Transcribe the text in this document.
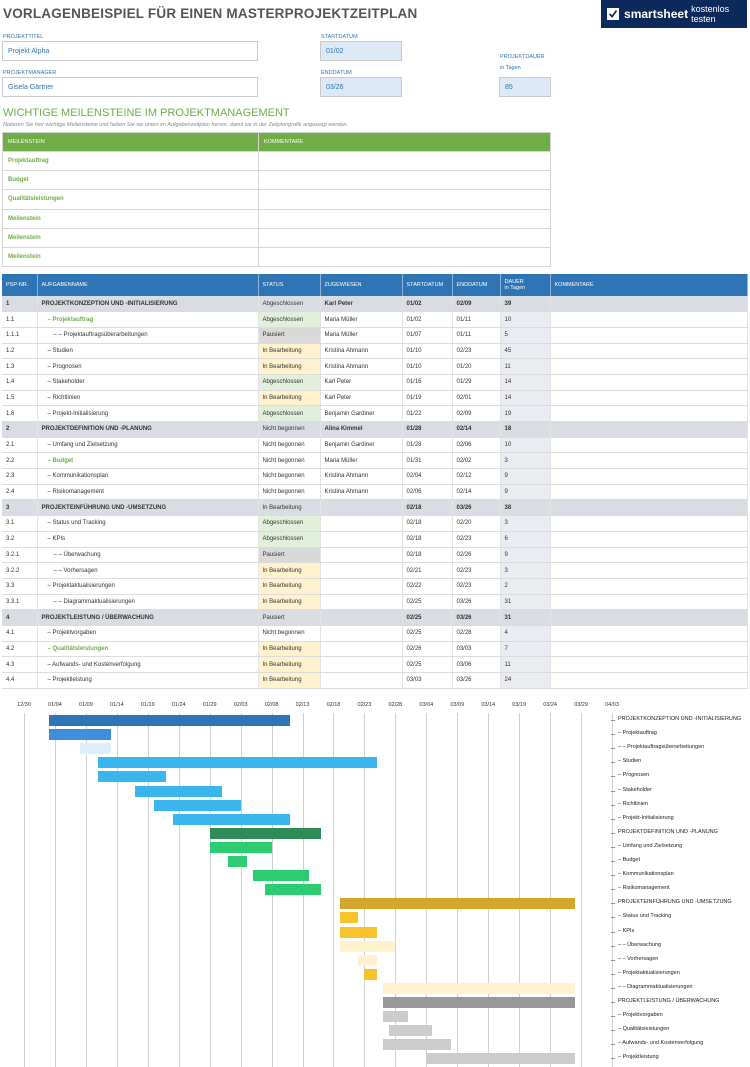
VORLAGENBEISPIEL FÜR EINEN MASTERPROJEKTZEITPLAN	smartsheet kostenlos testen
PROJEKTTITEL
Projekt Alpha
PROJEKTMANAGER
Gisela Gärtner
STARTDATUM
01/02
ENDDATUM
03/26
PROJEKTDAUER
in Tagen
85
WICHTIGE MEILENSTEINE IM PROJEKTMANAGEMENT
Notieren Sie hier wichtige Meilensteine und heben Sie sie unten im Aufgabenzeitplan hervor, damit sie in der Zeitplangrafik angezeigt werden.
MEILENSTEIN	KOMMENTARE
Projektauftrag	
Budget	
Qualitätsleistungen	
Meilenstein	
Meilenstein	
Meilenstein	
PSP-NR.	AUFGABENNAME	STATUS	ZUGEWIESEN	STARTDATUM	ENDDATUM	DAUER
in Tagen	KOMMENTARE
1	PROJEKTKONZEPTION UND -INITIALISIERUNG	Abgeschlossen	Karl Peter	01/02	02/09	39	
1.1	– Projektauftrag	Abgeschlossen	Maria Müller	01/02	01/11	10	
1.1.1	– – Projektauftragsüberarbeitungen	Pausiert	Maria Müller	01/07	01/11	5	
1.2	– Studien	In Bearbeitung	Kristina Ahmann	01/10	02/23	45	
1.3	– Prognosen	In Bearbeitung	Kristina Ahmann	01/10	01/20	11	
1.4	– Stakeholder	Abgeschlossen	Karl Peter	01/16	01/29	14	
1.5	– Richtlinien	In Bearbeitung	Karl Peter	01/19	02/01	14	
1.6	– Projekt-Initialisierung	Abgeschlossen	Benjamin Gardiner	01/22	02/09	19	
2	PROJEKTDEFINITION UND -PLANUNG	Nicht begonnen	Alina Kimmel	01/28	02/14	18	
2.1	– Umfang und Zielsetzung	Nicht begonnen	Benjamin Gardiner	01/28	02/06	10	
2.2	– Budget	Nicht begonnen	Maria Müller	01/31	02/02	3	
2.3	– Kommunikationsplan	Nicht begonnen	Kristina Ahmann	02/04	02/12	9	
2.4	– Risikomanagement	Nicht begonnen	Kristina Ahmann	02/06	02/14	9	
3	PROJEKTEINFÜHRUNG UND -UMSETZUNG	In Bearbeitung		02/18	03/26	38	
3.1	– Status und Tracking	Abgeschlossen		02/18	02/20	3	
3.2	– KPIs	Abgeschlossen		02/18	02/23	6	
3.2.1	– – Überwachung	Pausiert		02/18	02/26	9	
3.2.2	– – Vorhersagen	In Bearbeitung		02/21	02/23	3	
3.3	– Projektaktualisierungen	In Bearbeitung		02/22	02/23	2	
3.3.1	– – Diagrammaktualisierungen	In Bearbeitung		02/25	03/26	31	
4	PROJEKTLEISTUNG / ÜBERWACHUNG	Pausiert		02/25	03/26	31	
4.1	– Projektvorgaben	Nicht begonnen		02/25	02/28	4	
4.2	– Qualitätsleistungen	In Bearbeitung		02/26	03/03	7	
4.3	– Aufwands- und Kostenverfolgung	In Bearbeitung		02/25	03/06	11	
4.4	– Projektleistung	In Bearbeitung		03/03	03/26	24	
12/30	01/04	01/09	01/14	01/19	01/24	01/29	02/03	02/08	02/13	02/18	02/23	02/28	03/04	03/09	03/14	03/19	03/24	03/29	04/03
PROJEKTKONZEPTION UND -INITIALISIERUNG
– Projektauftrag
– – Projektauftragsüberarbeitungen
– Studien
– Prognosen
– Stakeholder
– Richtlinien
– Projekt-Initialisierung
PROJEKTDEFINITION UND -PLANUNG
– Umfang und Zielsetzung
– Budget
– Kommunikationsplan
– Risikomanagement
PROJEKTEINFÜHRUNG UND -UMSETZUNG
– Status und Tracking
– KPIs
– – Überwachung
– – Vorhersagen
– Projektaktualisierungen
– – Diagrammaktualisierungen
PROJEKTLEISTUNG / ÜBERWACHUNG
– Projektvorgaben
– Qualitätsleistungen
– Aufwands- und Kostenverfolgung
– Projektleistung
